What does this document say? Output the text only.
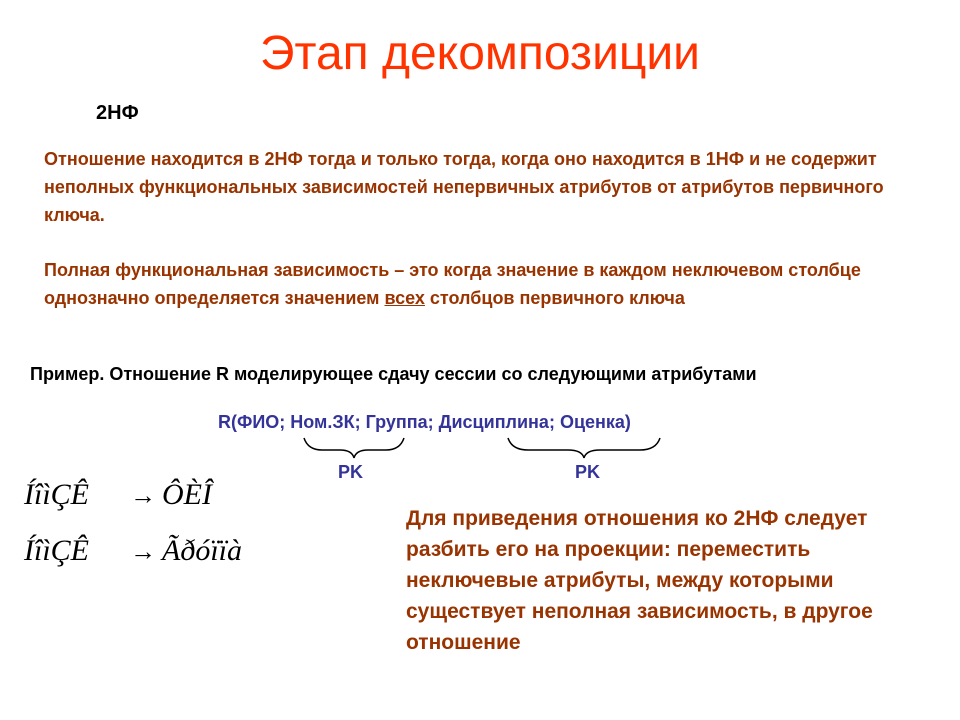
Этап декомпозиции
2НФ
Отношение находится в 2НФ тогда и только тогда, когда оно находится в 1НФ и не содержит неполных функциональных зависимостей непервичных атрибутов от атрибутов первичного ключа.
Полная функциональная зависимость – это когда значение в каждом неключевом столбце однозначно определяется значением всех столбцов первичного ключа
Пример. Отношение R моделирующее сдачу сессии со следующими атрибутами
R(ФИО; Ном.ЗК; Группа; Дисциплина; Оценка)
PK	PK
ÍîìÇÊ → ÔÈÎ
ÍîìÇÊ → Ãðóïïà
Для приведения отношения ко 2НФ следует разбить его на проекции: переместить неключевые атрибуты, между которыми существует неполная зависимость, в другое отношение
